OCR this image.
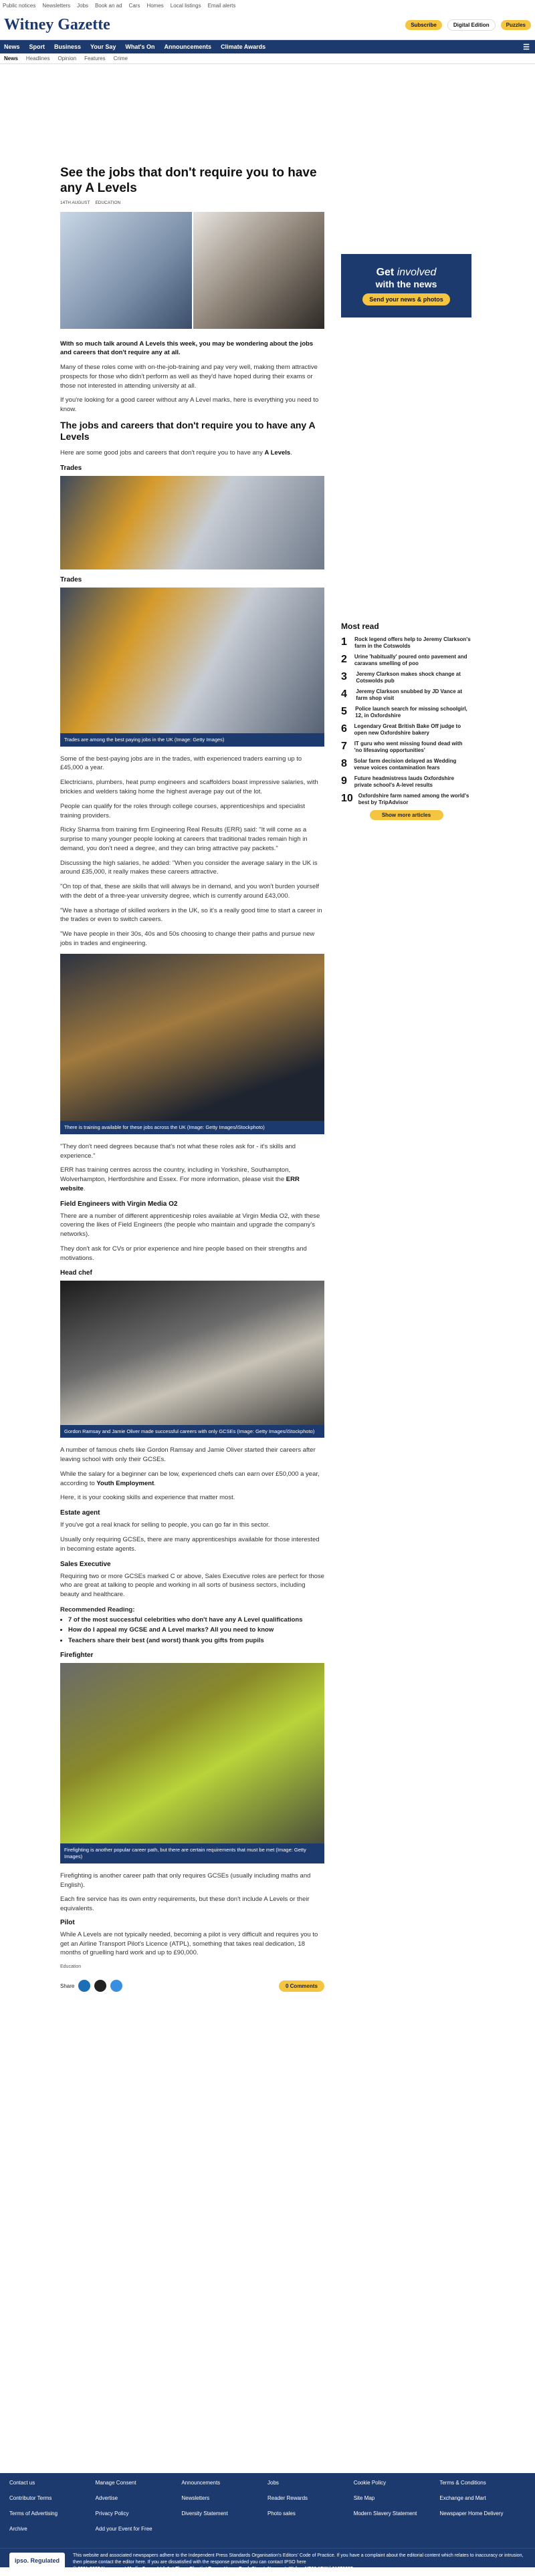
Public notices Newsletters Jobs Book an ad Cars Homes Local listings Email alerts
Witney Gazette	Subscribe	Digital Edition	Puzzles
News Sport Business Your Say What's On Announcements Climate Awards	☰
News Headlines Opinion Features Crime
See the jobs that don't require you to have any A Levels
14TH AUGUST EDUCATION

With so much talk around A Levels this week, you may be wondering about the jobs and careers that don't require any at all.

Many of these roles come with on-the-job-training and pay very well, making them attractive prospects for those who didn't perform as well as they'd have hoped during their exams or those not interested in attending university at all.

If you're looking for a good career without any A Level marks, here is everything you need to know.

The jobs and careers that don't require you to have any A Levels

Here are some good jobs and careers that don't require you to have any A Levels.

Trades
Trades
Trades are among the best paying jobs in the UK (Image: Getty Images)

Some of the best-paying jobs are in the trades, with experienced traders earning up to £45,000 a year.

Electricians, plumbers, heat pump engineers and scaffolders boast impressive salaries, with brickies and welders taking home the highest average pay out of the lot.

People can qualify for the roles through college courses, apprenticeships and specialist training providers.

Ricky Sharma from training firm Engineering Real Results (ERR) said: "It will come as a surprise to many younger people looking at careers that traditional trades remain high in demand, you don't need a degree, and they can bring attractive pay packets."

Discussing the high salaries, he added: "When you consider the average salary in the UK is around £35,000, it really makes these careers attractive.

"On top of that, these are skills that will always be in demand, and you won't burden yourself with the debt of a three-year university degree, which is currently around £43,000.

"We have a shortage of skilled workers in the UK, so it's a really good time to start a career in the trades or even to switch careers.

"We have people in their 30s, 40s and 50s choosing to change their paths and pursue new jobs in trades and engineering.

There is training available for these jobs across the UK (Image: Getty Images/iStockphoto)

"They don't need degrees because that's not what these roles ask for - it's skills and experience."

ERR has training centres across the country, including in Yorkshire, Southampton, Wolverhampton, Hertfordshire and Essex. For more information, please visit the ERR website.

Field Engineers with Virgin Media O2

There are a number of different apprenticeship roles available at Virgin Media O2, with these covering the likes of Field Engineers (the people who maintain and upgrade the company's networks).

They don't ask for CVs or prior experience and hire people based on their strengths and motivations.

Head chef
Gordon Ramsay and Jamie Oliver made successful careers with only GCSEs (Image: Getty Images/iStockphoto)

A number of famous chefs like Gordon Ramsay and Jamie Oliver started their careers after leaving school with only their GCSEs.

While the salary for a beginner can be low, experienced chefs can earn over £50,000 a year, according to Youth Employment.

Here, it is your cooking skills and experience that matter most.

Estate agent

If you've got a real knack for selling to people, you can go far in this sector.

Usually only requiring GCSEs, there are many apprenticeships available for those interested in becoming estate agents.

Sales Executive

Requiring two or more GCSEs marked C or above, Sales Executive roles are perfect for those who are great at talking to people and working in all sorts of business sectors, including beauty and healthcare.

Recommended Reading:
• 7 of the most successful celebrities who don't have any A Level qualifications
• How do I appeal my GCSE and A Level marks? All you need to know
• Teachers share their best (and worst) thank you gifts from pupils
Firefighter
Firefighting is another popular career path, but there are certain requirements that must be met (Image: Getty Images)

Firefighting is another career path that only requires GCSEs (usually including maths and English).

Each fire service has its own entry requirements, but these don't include A Levels or their equivalents.

Pilot

While A Levels are not typically needed, becoming a pilot is very difficult and requires you to get an Airline Transport Pilot's Licence (ATPL), something that takes real dedication, 18 months of gruelling hard work and up to £90,000.

Education
Share	0 Comments
Get involved
with the news
Send your news & photos
Most read
1	Rock legend offers help to Jeremy Clarkson's farm in the Cotswolds
2	Urine 'habitually' poured onto pavement and caravans smelling of poo
3	Jeremy Clarkson makes shock change at Cotswolds pub
4	Jeremy Clarkson snubbed by JD Vance at farm shop visit
5	Police launch search for missing schoolgirl, 12, in Oxfordshire
6	Legendary Great British Bake Off judge to open new Oxfordshire bakery
7	IT guru who went missing found dead with 'no lifesaving opportunities'
8 Solar farm decision delayed as Wedding venue voices contamination fears
9	Future headmistress lauds Oxfordshire private school's A-level results
10 Oxfordshire farm named among the world's best by TripAdvisor
Show more articles
Contact us
Contributor Terms
Terms of Advertising
Archive
Manage Consent
Advertise
Privacy Policy
Add your Event for Free
Announcements
Newsletters
Diversity Statement
Jobs
Reader Rewards
Photo sales
Cookie Policy
Site Map
Modern Slavery Statement
Terms & Conditions
Exchange and Mart
Newspaper Home Delivery
ipso. Regulated
This website and associated newspapers adhere to the Independent Press Standards Organisation's Editors' Code of Practice. If you have a complaint about the editorial content which relates to inaccuracy or intrusion, then please contact the editor here. If you are dissatisfied with the response provided you can contact IPSO here
© 2001-2025 Newsquest Media Group Ltd, 1st Floor, Chartist Tower, Upper Dock Street, Newport, Wales, NP20 1DW | 01676637
